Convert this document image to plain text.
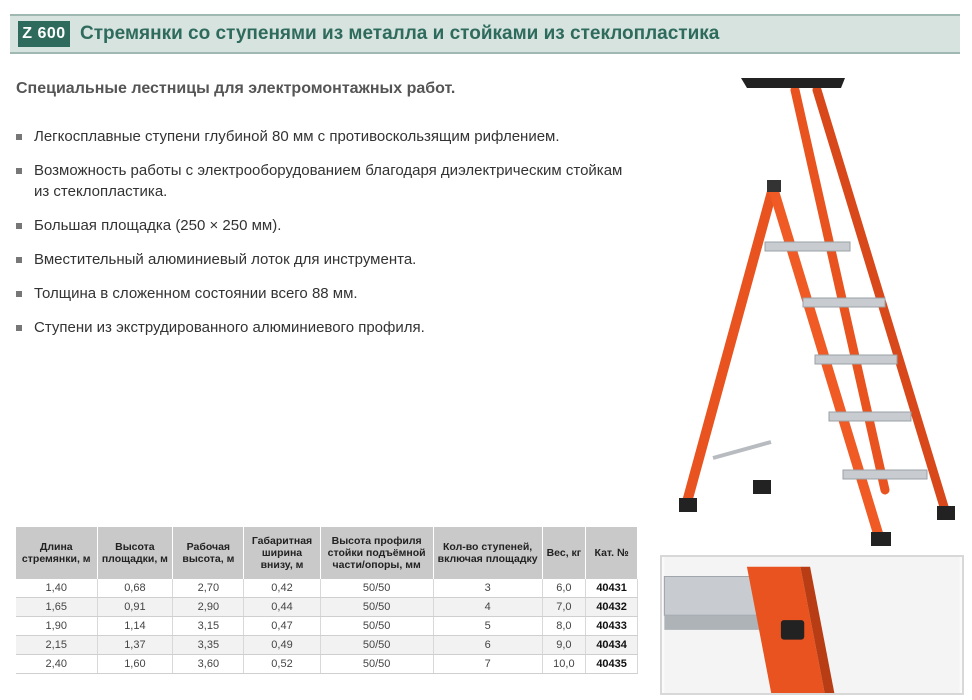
Z 600 Стремянки со ступенями из металла и стойками из стеклопластика
Специальные лестницы для электромонтажных работ.
Легкосплавные ступени глубиной 80 мм с противоскользящим рифлением.
Возможность работы с электрооборудованием благодаря диэлектрическим стойкам из стеклопластика.
Большая площадка (250 × 250 мм).
Вместительный алюминиевый лоток для инструмента.
Толщина в сложенном состоянии всего 88 мм.
Ступени из экструдированного алюминиевого профиля.
Длина стремянки, м	Высота площадки, м	Рабочая высота, м	Габаритная ширина внизу, м	Высота профиля стойки подъёмной части/опоры, мм	Кол-во ступеней, включая площадку	Вес, кг	Кат. №
1,40	0,68	2,70	0,42	50/50	3	6,0	40431
1,65	0,91	2,90	0,44	50/50	4	7,0	40432
1,90	1,14	3,15	0,47	50/50	5	8,0	40433
2,15	1,37	3,35	0,49	50/50	6	9,0	40434
2,40	1,60	3,60	0,52	50/50	7	10,0	40435
